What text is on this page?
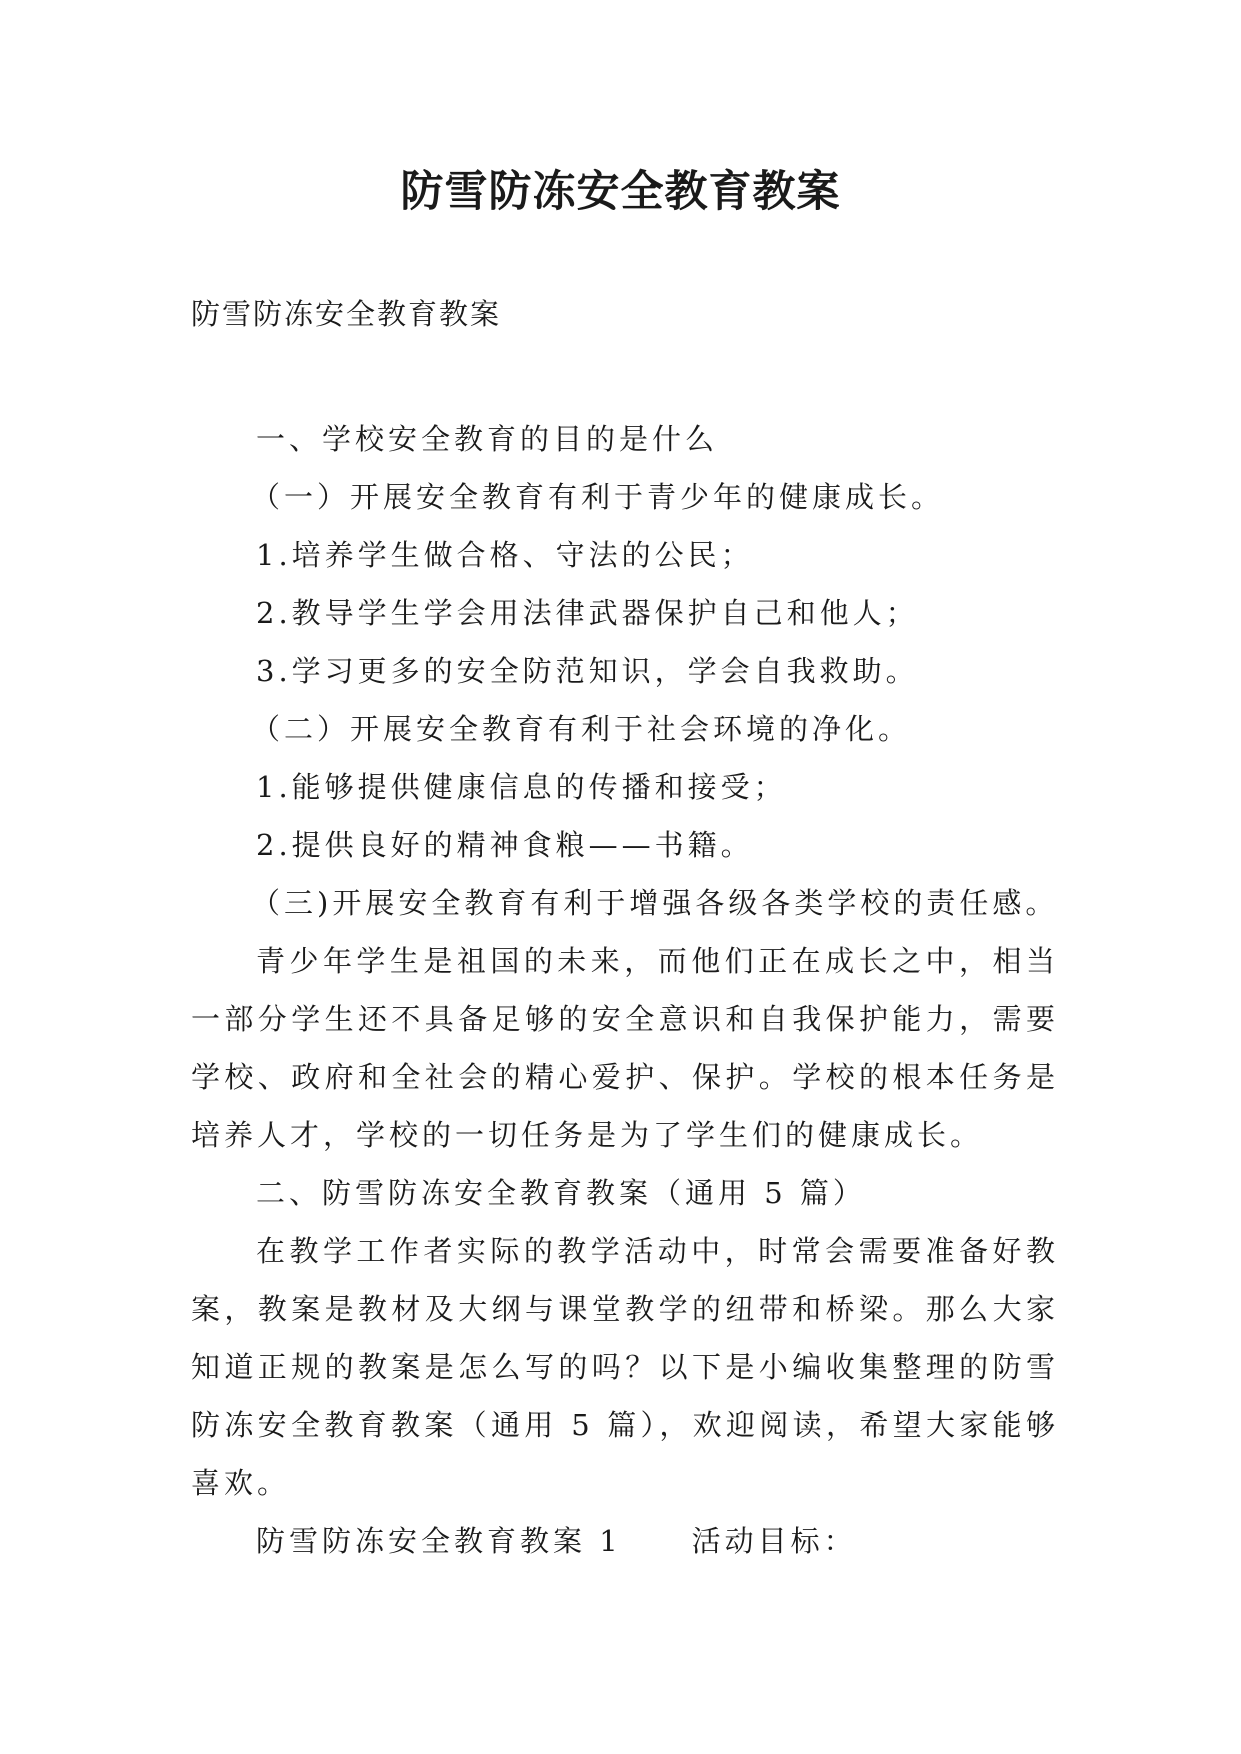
防雪防冻安全教育教案

防雪防冻安全教育教案

一、学校安全教育的目的是什么

（一）开展安全教育有利于青少年的健康成长。

1.培养学生做合格、守法的公民；

2.教导学生学会用法律武器保护自己和他人；

3.学习更多的安全防范知识，学会自我救助。

（二）开展安全教育有利于社会环境的净化。

1.能够提供健康信息的传播和接受；

2.提供良好的精神食粮——书籍。

（三)开展安全教育有利于增强各级各类学校的责任感。

青少年学生是祖国的未来，而他们正在成长之中，相当一部分学生还不具备足够的安全意识和自我保护能力，需要学校、政府和全社会的精心爱护、保护。学校的根本任务是培养人才，学校的一切任务是为了学生们的健康成长。

二、防雪防冻安全教育教案（通用 5 篇）

在教学工作者实际的教学活动中，时常会需要准备好教案，教案是教材及大纲与课堂教学的纽带和桥梁。那么大家知道正规的教案是怎么写的吗？以下是小编收集整理的防雪防冻安全教育教案（通用 5 篇），欢迎阅读，希望大家能够喜欢。

防雪防冻安全教育教案 1 活动目标：
